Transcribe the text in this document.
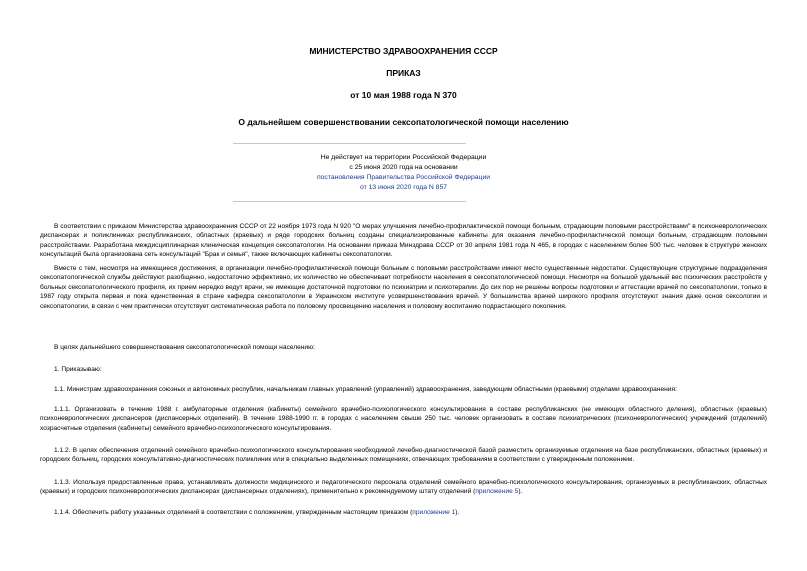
МИНИСТЕРСТВО ЗДРАВООХРАНЕНИЯ СССР
ПРИКАЗ
от 10 мая 1988 года N 370
О дальнейшем совершенствовании сексопатологической помощи населению
Не действует на территории Российской Федерации
с 25 июня 2020 года на основании
постановления Правительства Российской Федерации
от 13 июня 2020 года N 857

В соответствии с приказом Министерства здравоохранения СССР от 22 ноября 1973 года N 920 "О мерах улучшения лечебно-профилактической помощи больным, страдающим половыми расстройствами" в психоневрологических диспансерах и поликлиниках республиканских, областных (краевых) и ряде городских больниц созданы специализированные кабинеты для оказания лечебно-профилактической помощи больным, страдающим половыми расстройствами. Разработана междисциплинарная клиническая концепция сексопатологии. На основании приказа Минздрава СССР от 30 апреля 1981 года N 465, в городах с населением более 500 тыс. человек в структуре женских консультаций была организована сеть консультаций "Брак и семья", также включающих кабинеты сексопатологии.

Вместе с тем, несмотря на имеющиеся достижения, в организации лечебно-профилактической помощи больным с половыми расстройствами имеют место существенные недостатки. Существующие структурные подразделения сексопатологической службы действуют разобщенно, недостаточно эффективно, их количество не обеспечивает потребности населения в сексопатологической помощи. Несмотря на большой удельный вес психических расстройств у больных сексопатологического профиля, их прием нередко ведут врачи, не имеющие достаточной подготовки по психиатрии и психотерапии. До сих пор не решены вопросы подготовки и аттестации врачей по сексопатологии, только в 1987 году открыта первая и пока единственная в стране кафедра сексопатологии в Украинском институте усовершенствования врачей. У большинства врачей широкого профиля отсутствуют знания даже основ сексологии и сексопатологии, в связи с чем практически отсутствует систематическая работа по половому просвещению населения и половому воспитанию подрастающего поколения.

В целях дальнейшего совершенствования сексопатологической помощи населению:

1. Приказываю:

1.1. Министрам здравоохранения союзных и автономных республик, начальникам главных управлений (управлений) здравоохранения, заведующим областными (краевыми) отделами здравоохранения:

1.1.1. Организовать в течение 1988 г. амбулаторные отделения (кабинеты) семейного врачебно-психологического консультирования в составе республиканских (не имеющих областного деления), областных (краевых) психоневрологических диспансеров (диспансерных отделений). В течение 1988-1990 гг. в городах с населением свыше 250 тыс. человек организовать в составе психиатрических (психоневрологических) учреждений (отделений) хозрасчетные отделения (кабинеты) семейного врачебно-психологического консультирования.

1.1.2. В целях обеспечения отделений семейного врачебно-психологического консультирования необходимой лечебно-диагностической базой разместить организуемые отделения на базе республиканских, областных (краевых) и городских больниц, городских консультативно-диагностических поликлиник или в специально выделенных помещениях, отвечающих требованиям в соответствии с утвержденным положением.

1.1.3. Используя предоставленные права, устанавливать должности медицинского и педагогического персонала отделений семейного врачебно-психологического консультирования, организуемых в республиканских, областных (краевых) и городских психоневрологических диспансерах (диспансерных отделениях), применительно к рекомендуемому штату отделений (приложение 5).

1.1.4. Обеспечить работу указанных отделений в соответствии с положением, утвержденным настоящим приказом (приложение 1).
